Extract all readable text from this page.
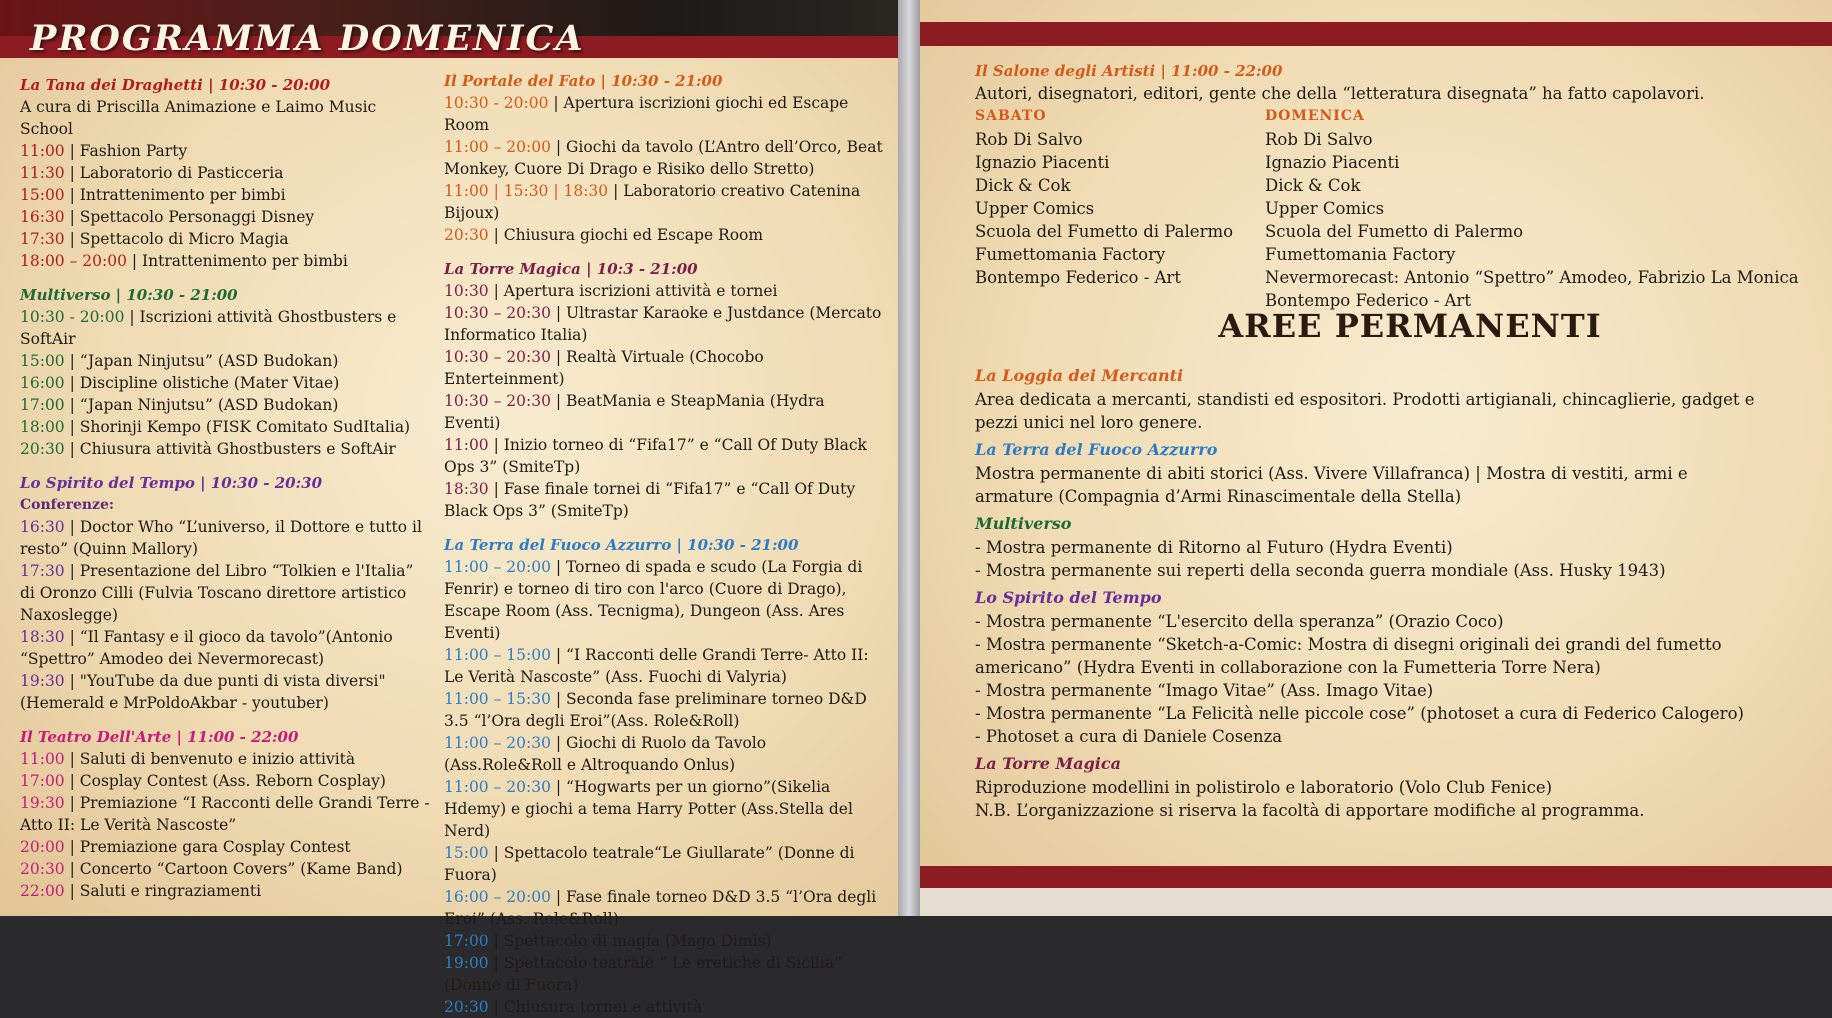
PROGRAMMA DOMENICA
La Tana dei Draghetti | 10:30 - 20:00
A cura di Priscilla Animazione e Laimo Music School
11:00 | Fashion Party
11:30 | Laboratorio di Pasticceria
15:00 | Intrattenimento per bimbi
16:30 | Spettacolo Personaggi Disney
17:30 | Spettacolo di Micro Magia
18:00 – 20:00 | Intrattenimento per bimbi
Multiverso | 10:30 - 21:00
10:30 - 20:00 | Iscrizioni attività Ghostbusters e SoftAir
15:00 | “Japan Ninjutsu” (ASD Budokan)
16:00 | Discipline olistiche (Mater Vitae)
17:00 | “Japan Ninjutsu” (ASD Budokan)
18:00 | Shorinji Kempo (FISK Comitato SudItalia)
20:30 | Chiusura attività Ghostbusters e SoftAir
Lo Spirito del Tempo | 10:30 - 20:30
Conferenze:
16:30 | Doctor Who “L’universo, il Dottore e tutto il resto” (Quinn Mallory)
17:30 | Presentazione del Libro “Tolkien e l'Italia” di Oronzo Cilli (Fulvia Toscano direttore artistico Naxoslegge)
18:30 | “Il Fantasy e il gioco da tavolo”(Antonio “Spettro” Amodeo dei Nevermorecast)
19:30 | "YouTube da due punti di vista diversi" (Hemerald e MrPoldoAkbar - youtuber)
Il Teatro Dell'Arte | 11:00 - 22:00
11:00 | Saluti di benvenuto e inizio attività
17:00 | Cosplay Contest (Ass. Reborn Cosplay)
19:30 | Premiazione “I Racconti delle Grandi Terre - Atto II: Le Verità Nascoste”
20:00 | Premiazione gara Cosplay Contest
20:30 | Concerto “Cartoon Covers” (Kame Band)
22:00 | Saluti e ringraziamenti
Il Portale del Fato | 10:30 - 21:00
10:30 - 20:00 | Apertura iscrizioni giochi ed Escape Room
11:00 – 20:00 | Giochi da tavolo (L’Antro dell’Orco, Beat Monkey, Cuore Di Drago e Risiko dello Stretto)
11:00 | 15:30 | 18:30 | Laboratorio creativo Catenina Bijoux)
20:30 | Chiusura giochi ed Escape Room
La Torre Magica | 10:3 - 21:00
10:30 | Apertura iscrizioni attività e tornei
10:30 – 20:30 | Ultrastar Karaoke e Justdance (Mercato Informatico Italia)
10:30 – 20:30 | Realtà Virtuale (Chocobo Enterteinment)
10:30 – 20:30 | BeatMania e SteapMania (Hydra Eventi)
11:00 | Inizio torneo di “Fifa17” e “Call Of Duty Black Ops 3” (SmiteTp)
18:30 | Fase finale tornei di “Fifa17” e “Call Of Duty Black Ops 3” (SmiteTp)
La Terra del Fuoco Azzurro | 10:30 - 21:00
11:00 – 20:00 | Torneo di spada e scudo (La Forgia di Fenrir) e torneo di tiro con l'arco (Cuore di Drago), Escape Room (Ass. Tecnigma), Dungeon (Ass. Ares Eventi)
11:00 – 15:00 | “I Racconti delle Grandi Terre- Atto II: Le Verità Nascoste” (Ass. Fuochi di Valyria)
11:00 – 15:30 | Seconda fase preliminare torneo D&D 3.5 “l’Ora degli Eroi”(Ass. Role&Roll)
11:00 – 20:30 | Giochi di Ruolo da Tavolo (Ass.Role&Roll e Altroquando Onlus)
11:00 – 20:30 | “Hogwarts per un giorno”(Sikelia Hdemy) e giochi a tema Harry Potter (Ass.Stella del Nerd)
15:00 | Spettacolo teatrale“Le Giullarate” (Donne di Fuora)
16:00 – 20:00 | Fase finale torneo D&D 3.5 “l’Ora degli Eroi” (Ass. Role&Roll)
17:00 | Spettacolo di magia (Mago Dimis)
19:00 | Spettacolo teatrale “ Le eretiche di Sicilia” (Donne di Fuora)
20:30 | Chiusura tornei e attività
Il Salone degli Artisti | 11:00 - 22:00
Autori, disegnatori, editori, gente che della “letteratura disegnata” ha fatto capolavori.
SABATO
Rob Di Salvo
Ignazio Piacenti
Dick & Cok
Upper Comics
Scuola del Fumetto di Palermo
Fumettomania Factory
Bontempo Federico - Art
DOMENICA
Rob Di Salvo
Ignazio Piacenti
Dick & Cok
Upper Comics
Scuola del Fumetto di Palermo
Fumettomania Factory
Nevermorecast: Antonio “Spettro” Amodeo, Fabrizio La Monica
Bontempo Federico - Art
AREE PERMANENTI
La Loggia dei Mercanti
Area dedicata a mercanti, standisti ed espositori. Prodotti artigianali, chincaglierie, gadget e
pezzi unici nel loro genere.
La Terra del Fuoco Azzurro
Mostra permanente di abiti storici (Ass. Vivere Villafranca) | Mostra di vestiti, armi e
armature (Compagnia d’Armi Rinascimentale della Stella)
Multiverso
- Mostra permanente di Ritorno al Futuro (Hydra Eventi)
- Mostra permanente sui reperti della seconda guerra mondiale (Ass. Husky 1943)
Lo Spirito del Tempo
- Mostra permanente “L'esercito della speranza” (Orazio Coco)
- Mostra permanente “Sketch-a-Comic: Mostra di disegni originali dei grandi del fumetto
americano” (Hydra Eventi in collaborazione con la Fumetteria Torre Nera)
- Mostra permanente “Imago Vitae” (Ass. Imago Vitae)
- Mostra permanente “La Felicità nelle piccole cose” (photoset a cura di Federico Calogero)
- Photoset a cura di Daniele Cosenza
La Torre Magica
Riproduzione modellini in polistirolo e laboratorio (Volo Club Fenice)
N.B. L’organizzazione si riserva la facoltà di apportare modifiche al programma.
